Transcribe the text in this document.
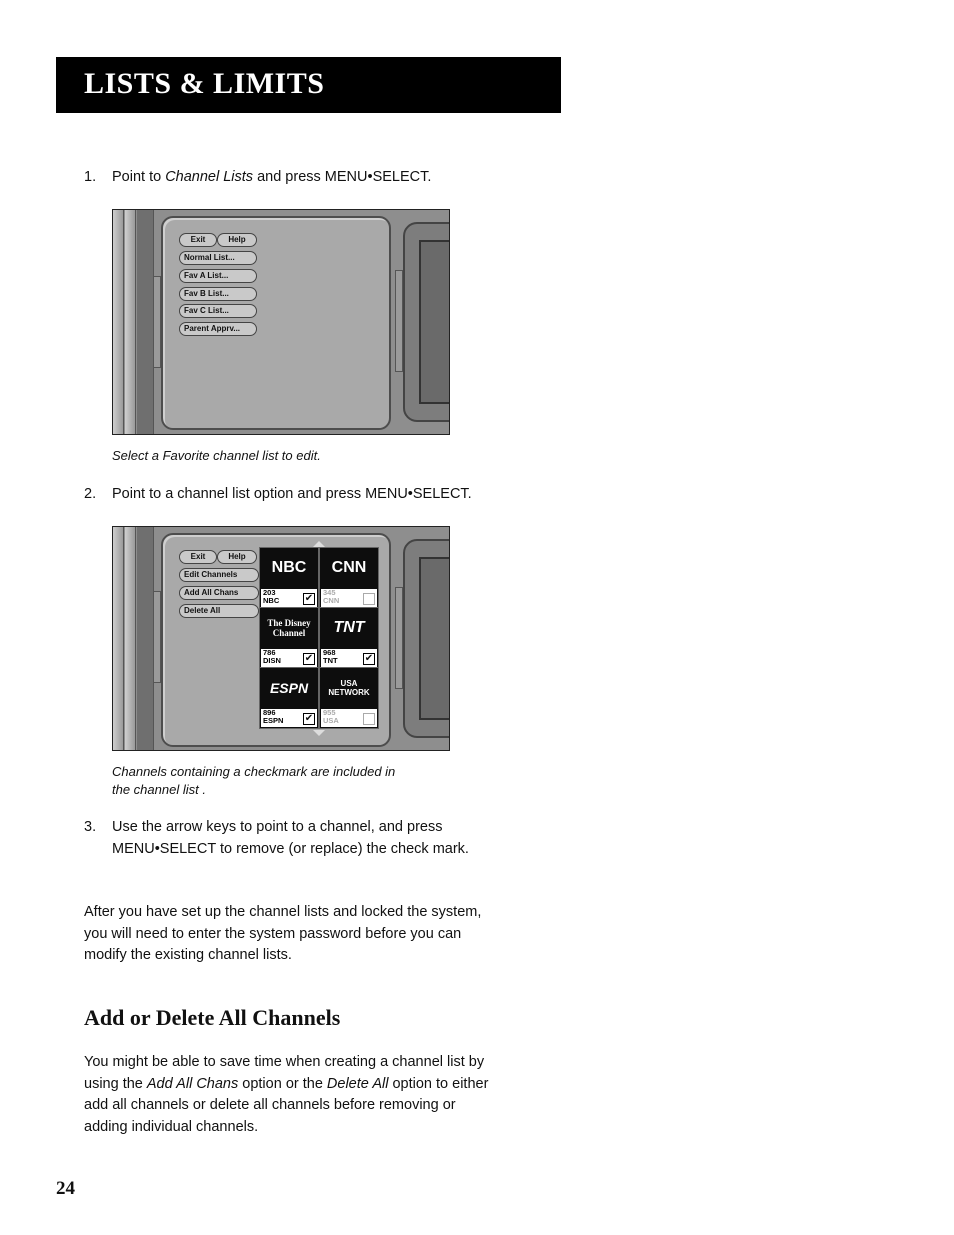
LISTS & LIMITS
1. Point to Channel Lists and press MENU•SELECT.
Exit	Help
Normal List...
Fav A List...
Fav B List...
Fav C List...
Parent Apprv...
Select a Favorite channel list to edit.
2. Point to a channel list option and press MENU•SELECT.
Exit	Help
Edit Channels
Add All Chans
Delete All
NBC
203
NBC	✔
CNN
345
CNN
The Disney Channel
786
DISN	✔
TNT
968
TNT	✔
ESPN
896
ESPN	✔
USA NETWORK
955
USA
Channels containing a checkmark are included in
the channel list .
3. Use the arrow keys to point to a channel, and press
MENU•SELECT to remove (or replace) the check mark.
After you have set up the channel lists and locked the system,
you will need to enter the system password before you can
modify the existing channel lists.
Add or Delete All Channels
You might be able to save time when creating a channel list by
using the Add All Chans option or the Delete All option to either
add all channels or delete all channels before removing or
adding individual channels.
24
